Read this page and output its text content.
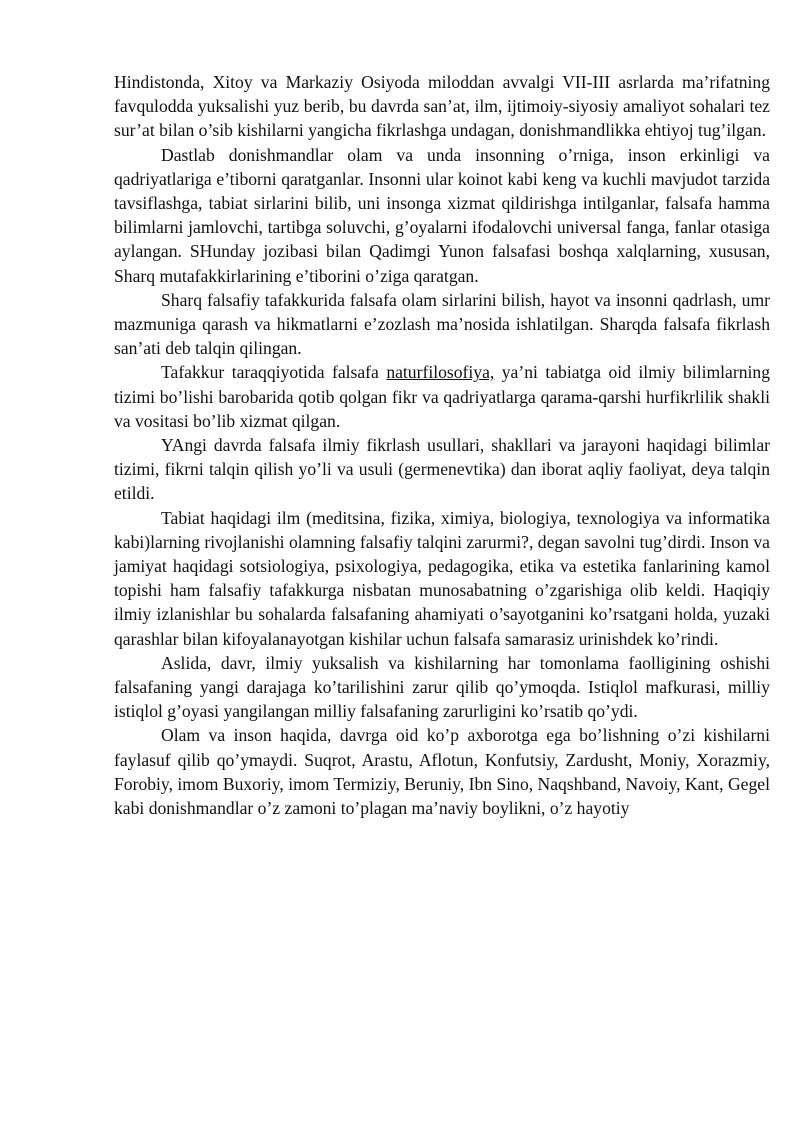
Hindistonda, Xitoy va Markaziy Osiyoda miloddan avvalgi VII-III asrlarda ma’rifatning favqulodda yuksalishi yuz berib, bu davrda san’at, ilm, ijtimoiy-siyosiy amaliyot sohalari tez sur’at bilan o’sib kishilarni yangicha fikrlashga undagan, donishmandlikka ehtiyoj tug’ilgan.

Dastlab donishmandlar olam va unda insonning o’rniga, inson erkinligi va qadriyatlariga e’tiborni qaratganlar. Insonni ular koinot kabi keng va kuchli mavjudot tarzida tavsiflashga, tabiat sirlarini bilib, uni insonga xizmat qildirishga intilganlar, falsafa hamma bilimlarni jamlovchi, tartibga soluvchi, g’oyalarni ifodalovchi universal fanga, fanlar otasiga aylangan. SHunday jozibasi bilan Qadimgi Yunon falsafasi boshqa xalqlarning, xususan, Sharq mutafakkirlarining e’tiborini o’ziga qaratgan.

Sharq falsafiy tafakkurida falsafa olam sirlarini bilish, hayot va insonni qadrlash, umr mazmuniga qarash va hikmatlarni e’zozlash ma’nosida ishlatilgan. Sharqda falsafa fikrlash san’ati deb talqin qilingan.

Tafakkur taraqqiyotida falsafa naturfilosofiya, ya’ni tabiatga oid ilmiy bilimlarning tizimi bo’lishi barobarida qotib qolgan fikr va qadriyatlarga qarama-qarshi hurfikrlilik shakli va vositasi bo’lib xizmat qilgan.

YAngi davrda falsafa ilmiy fikrlash usullari, shakllari va jarayoni haqidagi bilimlar tizimi, fikrni talqin qilish yo’li va usuli (germenevtika) dan iborat aqliy faoliyat, deya talqin etildi.

Tabiat haqidagi ilm (meditsina, fizika, ximiya, biologiya, texnologiya va informatika kabi)larning rivojlanishi olamning falsafiy talqini zarurmi?, degan savolni tug’dirdi. Inson va jamiyat haqidagi sotsiologiya, psixologiya, pedagogika, etika va estetika fanlarining kamol topishi ham falsafiy tafakkurga nisbatan munosabatning o’zgarishiga olib keldi. Haqiqiy ilmiy izlanishlar bu sohalarda falsafaning ahamiyati o’sayotganini ko’rsatgani holda, yuzaki qarashlar bilan kifoyalanayotgan kishilar uchun falsafa samarasiz urinishdek ko’rindi.

Aslida, davr, ilmiy yuksalish va kishilarning har tomonlama faolligining oshishi falsafaning yangi darajaga ko’tarilishini zarur qilib qo’ymoqda. Istiqlol mafkurasi, milliy istiqlol g’oyasi yangilangan milliy falsafaning zarurligini ko’rsatib qo’ydi.

Olam va inson haqida, davrga oid ko’p axborotga ega bo’lishning o’zi kishilarni faylasuf qilib qo’ymaydi. Suqrot, Arastu, Aflotun, Konfutsiy, Zardusht, Moniy, Xorazmiy, Forobiy, imom Buxoriy, imom Termiziy, Beruniy, Ibn Sino, Naqshband, Navoiy, Kant, Gegel kabi donishmandlar o’z zamoni to’plagan ma’naviy boylikni, o’z hayotiy
